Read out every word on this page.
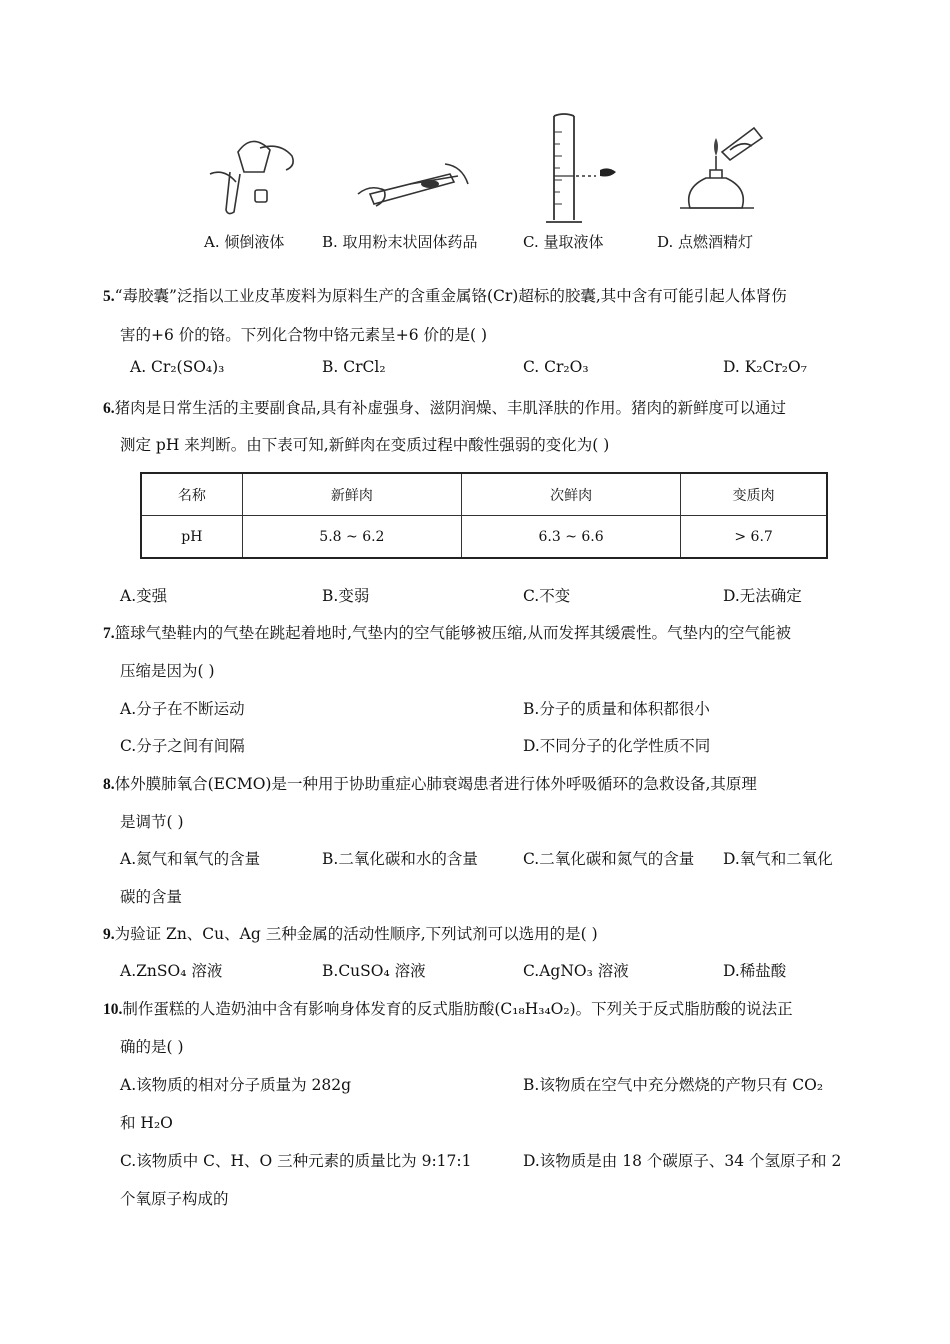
A. 倾倒液体	B. 取用粉末状固体药品	C. 量取液体	D. 点燃酒精灯
5.“毒胶囊”泛指以工业皮革废料为原料生产的含重金属铬(Cr)超标的胶囊,其中含有可能引起人体肾伤
害的+6 价的铬。下列化合物中铬元素呈+6 价的是( )
A. Cr₂(SO₄)₃	B. CrCl₂	C. Cr₂O₃	D. K₂Cr₂O₇
6.猪肉是日常生活的主要副食品,具有补虚强身、滋阴润燥、丰肌泽肤的作用。猪肉的新鲜度可以通过
测定 pH 来判断。由下表可知,新鲜肉在变质过程中酸性强弱的变化为( )
名称	新鲜肉	次鲜肉	变质肉
pH	5.8 ~ 6.2	6.3 ~ 6.6	> 6.7
A.变强	B.变弱	C.不变	D.无法确定
7.篮球气垫鞋内的气垫在跳起着地时,气垫内的空气能够被压缩,从而发挥其缓震性。气垫内的空气能被
压缩是因为( )
A.分子在不断运动	B.分子的质量和体积都很小
C.分子之间有间隔	D.不同分子的化学性质不同
8.体外膜肺氧合(ECMO)是一种用于协助重症心肺衰竭患者进行体外呼吸循环的急救设备,其原理
是调节( )
A.氮气和氧气的含量	B.二氧化碳和水的含量	C.二氧化碳和氮气的含量 D.氧气和二氧化
碳的含量
9.为验证 Zn、Cu、Ag 三种金属的活动性顺序,下列试剂可以选用的是( )
A.ZnSO₄ 溶液	B.CuSO₄ 溶液	C.AgNO₃ 溶液	D.稀盐酸
10.制作蛋糕的人造奶油中含有影响身体发育的反式脂肪酸(C₁₈H₃₄O₂)。下列关于反式脂肪酸的说法正
确的是( )
A.该物质的相对分子质量为 282g	B.该物质在空气中充分燃烧的产物只有 CO₂
和 H₂O
C.该物质中 C、H、O 三种元素的质量比为 9:17:1	D.该物质是由 18 个碳原子、34 个氢原子和 2
个氧原子构成的
